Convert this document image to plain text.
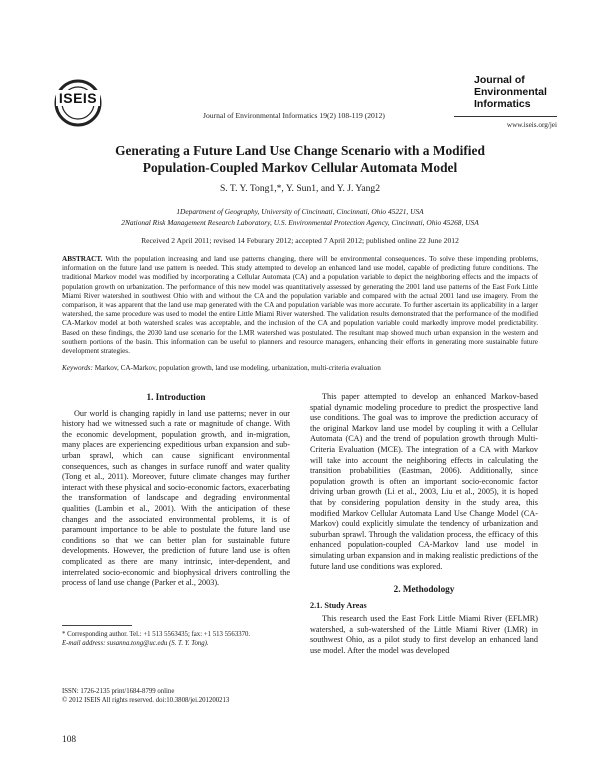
ISEIS
Journal of Environmental Informatics 19(2) 108-119 (2012)
Journal of
Environmental
Informatics
www.iseis.org/jei
Generating a Future Land Use Change Scenario with a Modified
Population-Coupled Markov Cellular Automata Model
S. T. Y. Tong1,*, Y. Sun1, and Y. J. Yang2
1Department of Geography, University of Cincinnati, Cincinnati, Ohio 45221, USA
2National Risk Management Research Laboratory, U.S. Environmental Protection Agency, Cincinnati, Ohio 45268, USA
Received 2 April 2011; revised 14 Feburary 2012; accepted 7 April 2012; published online 22 June 2012
ABSTRACT. With the population increasing and land use patterns changing, there will be environmental consequences. To solve these impending problems, information on the future land use pattern is needed. This study attempted to develop an enhanced land use model, capable of predicting future conditions. The traditional Markov model was modified by incorporating a Cellular Automata (CA) and a population variable to depict the neighboring effects and the impacts of population growth on urbanization. The performance of this new model was quantitatively assessed by generating the 2001 land use patterns of the East Fork Little Miami River watershed in southwest Ohio with and without the CA and the population variable and compared with the actual 2001 land use imagery. From the comparison, it was apparent that the land use map generated with the CA and population variable was more accurate. To further ascertain its applicability in a larger watershed, the same procedure was used to model the entire Little Miami River watershed. The validation results demonstrated that the performance of the modified CA-Markov model at both watershed scales was acceptable, and the inclusion of the CA and population variable could markedly improve model predictability. Based on these findings, the 2030 land use scenario for the LMR watershed was postulated. The resultant map showed much urban expansion in the western and southern portions of the basin. This information can be useful to planners and resource managers, enhancing their efforts in generating more sustainable future development strategies.
Keywords: Markov, CA-Markov, population growth, land use modeling, urbanization, multi-criteria evaluation
1. Introduction

Our world is changing rapidly in land use patterns; never in our history had we witnessed such a rate or magnitude of change. With the economic development, population growth, and in-migration, many places are experiencing expeditious urban expansion and sub-urban sprawl, which can cause significant environmental consequences, such as changes in surface runoff and water quality (Tong et al., 2011). Moreover, future climate changes may further interact with these physical and socio-economic factors, exacerbating the transformation of landscape and degrading environmental qualities (Lambin et al., 2001). With the anticipation of these changes and the associated environmental problems, it is of paramount importance to be able to postulate the future land use conditions so that we can better plan for sustainable future developments. However, the prediction of future land use is often complicated as there are many intrinsic, inter-dependent, and interrelated socio-economic and biophysical drivers controlling the process of land use change (Parker et al., 2003).

This paper attempted to develop an enhanced Markov-based spatial dynamic modeling procedure to predict the prospective land use conditions. The goal was to improve the prediction accuracy of the original Markov land use model by coupling it with a Cellular Automata (CA) and the trend of population growth through Multi-Criteria Evaluation (MCE). The integration of a CA with Markov will take into account the neighboring effects in calculating the transition probabilities (Eastman, 2006). Additionally, since population growth is often an important socio-economic factor driving urban growth (Li et al., 2003, Liu et al., 2005), it is hoped that by considering population density in the study area, this modified Markov Cellular Automata Land Use Change Model (CA-Markov) could explicitly simulate the tendency of urbanization and suburban sprawl. Through the validation process, the efficacy of this enhanced population-coupled CA-Markov land use model in simulating urban expansion and in making realistic predictions of the future land use conditions was explored.

2. Methodology
2.1. Study Areas

This research used the East Fork Little Miami River (EFLMR) watershed, a sub-watershed of the Little Miami River (LMR) in southwest Ohio, as a pilot study to first develop an enhanced land use model. After the model was developed

* Corresponding author. Tel.: +1 513 5563435; fax: +1 513 5563370.
E-mail address: susanna.tong@uc.edu (S. T. Y. Tong).
ISSN: 1726-2135 print/1684-8799 online
© 2012 ISEIS All rights reserved. doi:10.3808/jei.201200213
108
